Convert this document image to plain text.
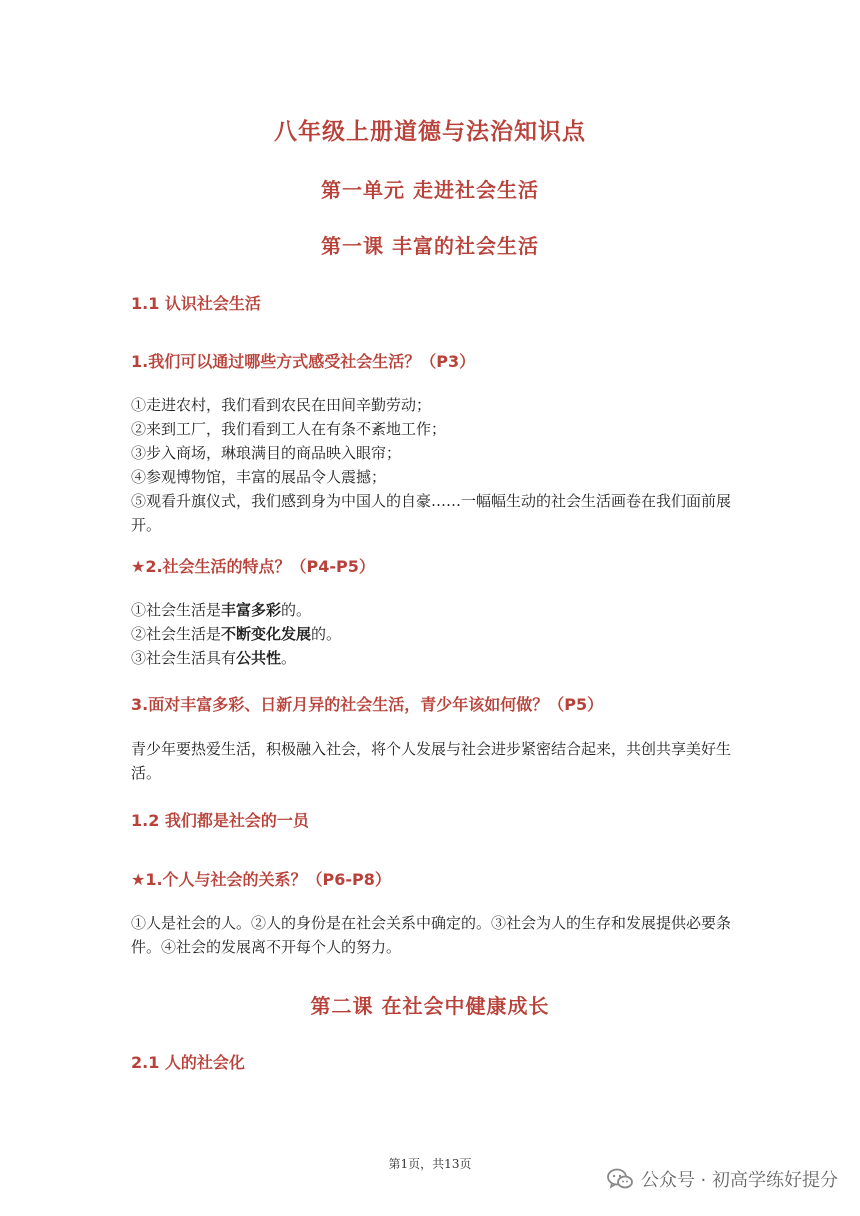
八年级上册道德与法治知识点
第一单元 走进社会生活
第一课 丰富的社会生活
1.1 认识社会生活
1.我们可以通过哪些方式感受社会生活？（P3）
①走进农村，我们看到农民在田间辛勤劳动；
②来到工厂，我们看到工人在有条不紊地工作；
③步入商场，琳琅满目的商品映入眼帘；
④参观博物馆，丰富的展品令人震撼；
⑤观看升旗仪式，我们感到身为中国人的自豪……一幅幅生动的社会生活画卷在我们面前展开。
★2.社会生活的特点？（P4-P5）
①社会生活是丰富多彩的。
②社会生活是不断变化发展的。
③社会生活具有公共性。
3.面对丰富多彩、日新月异的社会生活，青少年该如何做？（P5）
青少年要热爱生活，积极融入社会，将个人发展与社会进步紧密结合起来，共创共享美好生活。
1.2 我们都是社会的一员
★1.个人与社会的关系？（P6-P8）
①人是社会的人。②人的身份是在社会关系中确定的。③社会为人的生存和发展提供必要条件。④社会的发展离不开每个人的努力。
第二课 在社会中健康成长
2.1 人的社会化
第1页，共13页
公众号 · 初高学练好提分
